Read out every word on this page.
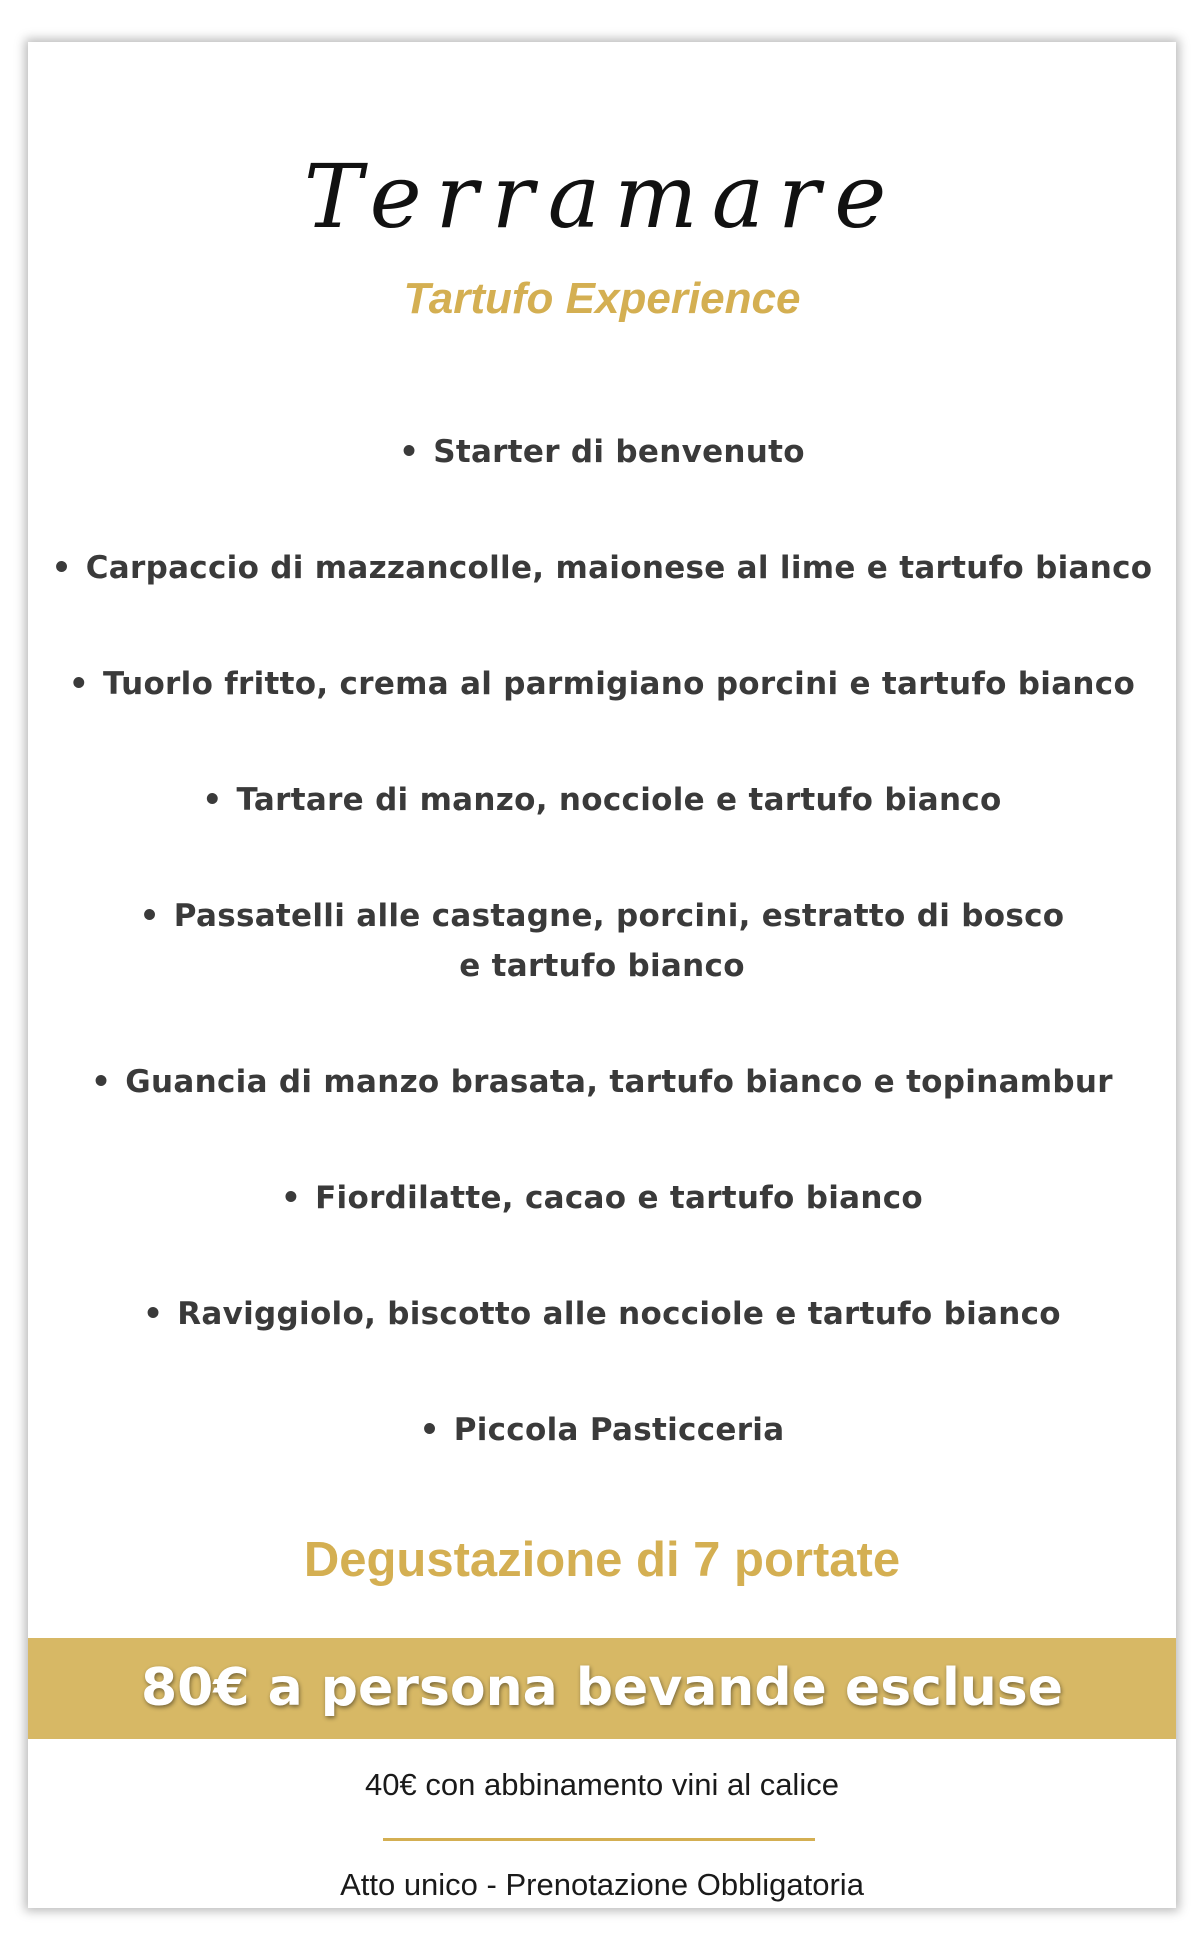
Terramare
Tartufo Experience
• Starter di benvenuto
• Carpaccio di mazzancolle, maionese al lime e tartufo bianco
• Tuorlo fritto, crema al parmigiano porcini e tartufo bianco
• Tartare di manzo, nocciole e tartufo bianco
• Passatelli alle castagne, porcini, estratto di bosco
e tartufo bianco
• Guancia di manzo brasata, tartufo bianco e topinambur
• Fiordilatte, cacao e tartufo bianco
• Raviggiolo, biscotto alle nocciole e tartufo bianco
• Piccola Pasticceria
Degustazione di 7 portate
80€ a persona bevande escluse
40€ con abbinamento vini al calice
Atto unico - Prenotazione Obbligatoria
